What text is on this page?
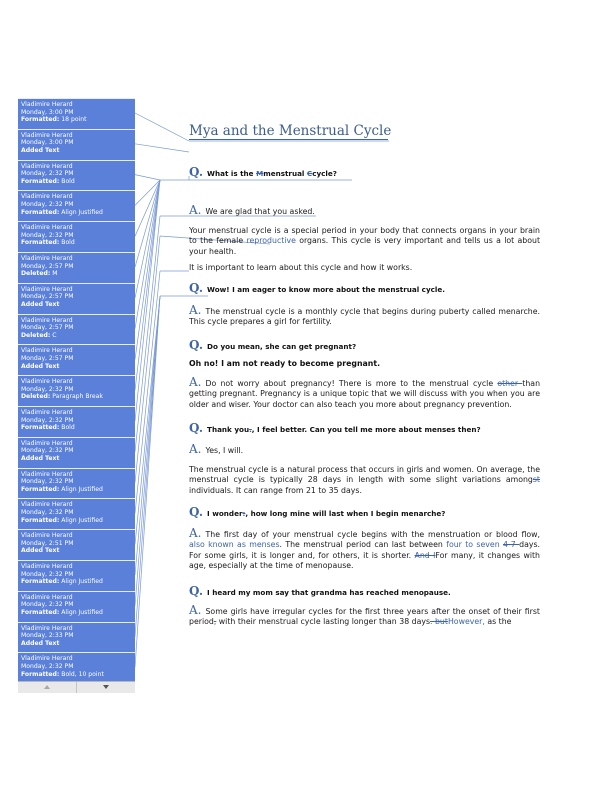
Vladimire Herard
Monday, 3:00 PM
Formatted: 18 point
Vladimire Herard
Monday, 3:00 PM
Added Text
Vladimire Herard
Monday, 2:32 PM
Formatted: Bold
Vladimire Herard
Monday, 2:32 PM
Formatted: Align Justified
Vladimire Herard
Monday, 2:32 PM
Formatted: Bold
Vladimire Herard
Monday, 2:57 PM
Deleted: M
Vladimire Herard
Monday, 2:57 PM
Added Text
Vladimire Herard
Monday, 2:57 PM
Deleted: C
Vladimire Herard
Monday, 2:57 PM
Added Text
Vladimire Herard
Monday, 2:32 PM
Deleted: Paragraph Break
Vladimire Herard
Monday, 2:32 PM
Formatted: Bold
Vladimire Herard
Monday, 2:32 PM
Added Text
Vladimire Herard
Monday, 2:32 PM
Formatted: Align Justified
Vladimire Herard
Monday, 2:32 PM
Formatted: Align Justified
Vladimire Herard
Monday, 2:51 PM
Added Text
Vladimire Herard
Monday, 2:32 PM
Formatted: Align Justified
Vladimire Herard
Monday, 2:32 PM
Formatted: Align Justified
Vladimire Herard
Monday, 2:33 PM
Added Text
Vladimire Herard
Monday, 2:32 PM
Formatted: Bold, 10 point
Mya and the Menstrual Cycle
Q. What is the Mmenstrual Ccycle?
A. We are glad that you asked.
Your menstrual cycle is a special period in your body that connects organs in your brain to the female reproductive organs. This cycle is very important and tells us a lot about your health.
It is important to learn about this cycle and how it works.
Q. Wow! I am eager to know more about the menstrual cycle.
A. The menstrual cycle is a monthly cycle that begins during puberty called menarche. This cycle prepares a girl for fertility.
Q. Do you mean, she can get pregnant?
Oh no! I am not ready to become pregnant.
A. Do not worry about pregnancy! There is more to the menstrual cycle other than getting pregnant. Pregnancy is a unique topic that we will discuss with you when you are older and wiser. Your doctor can also teach you more about pregnancy prevention.
Q. Thank you., I feel better. Can you tell me more about menses then?
A. Yes, I will.
The menstrual cycle is a natural process that occurs in girls and women. On average, the menstrual cycle is typically 28 days in length with some slight variations amongst individuals. It can range from 21 to 35 days.
Q. I wonder:, how long mine will last when I begin menarche?
A. The first day of your menstrual cycle begins with the menstruation or blood flow, also known as menses. The menstrual period can last between four to seven 4-7 days. For some girls, it is longer and, for others, it is shorter. And IFor many, it changes with age, especially at the time of menopause.
Q. I heard my mom say that grandma has reached menopause.
A. Some girls have irregular cycles for the first three years after the onset of their first period, with their menstrual cycle lasting longer than 38 days. butHowever, as the
